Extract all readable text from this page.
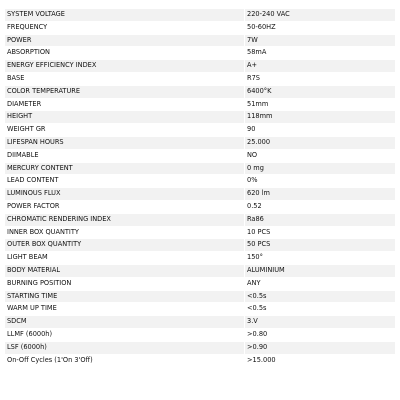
SYSTEM VOLTAGE	220-240 VAC
FREQUENCY	50-60HZ
POWER	7W
ABSORPTION	58mA
ENERGY EFFICIENCY INDEX	A+
BASE	R7S
COLOR TEMPERATURE	6400°K
DIAMETER	51mm
HEIGHT	118mm
WEIGHT GR	90
LIFESPAN HOURS	25.000
DIIMABLE	NO
MERCURY CONTENT	0 mg
LEAD CONTENT	0%
LUMINOUS FLUX	620 lm
POWER FACTOR	0.52
CHROMATIC RENDERING INDEX	Ra86
INNER BOX QUANTITY	10 PCS
OUTER BOX QUANTITY	50 PCS
LIGHT BEAM	150°
BODY MATERIAL	ALUMINIUM
BURNING POSITION	ANY
STARTING TIME	<0.5s
WARM UP TIME	<0.5s
SDCM	3.V
LLMF (6000h)	>0.80
LSF (6000h)	>0.90
On-Off Cycles (1'On 3'Off)	>15.000
